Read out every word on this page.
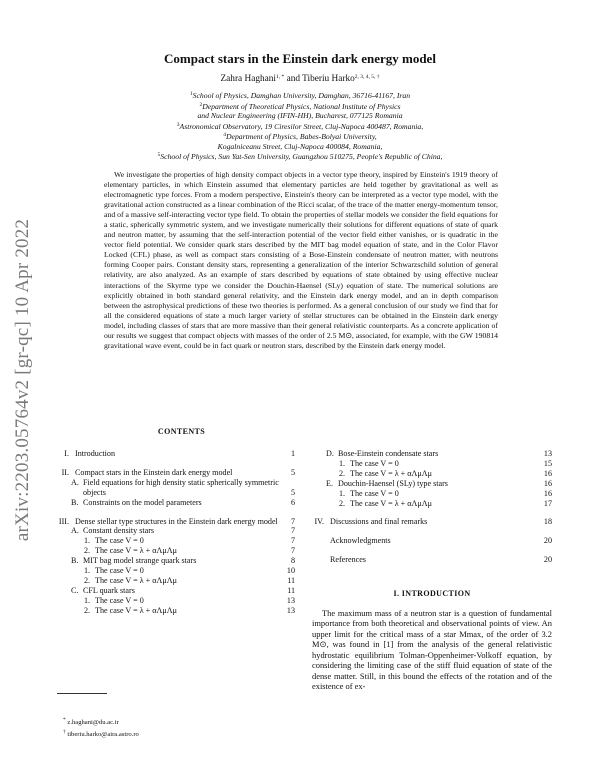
arXiv:2203.05764v2 [gr-qc] 10 Apr 2022
Compact stars in the Einstein dark energy model
Zahra Haghani$^{1, *}$ and Tiberiu Harko$^{2, 3, 4, 5, \dagger}$
$^1$School of Physics, Damghan University, Damghan, 36716-41167, Iran
$^2$Department of Theoretical Physics, National Institute of Physics
and Nuclear Engineering (IFIN-HH), Bucharest, 077125 Romania
$^3$Astronomical Observatory, 19 Ciresilor Street, Cluj-Napoca 400487, Romania,
$^4$Department of Physics, Babes-Bolyai University,
Kogalniceanu Street, Cluj-Napoca 400084, Romania,
$^5$School of Physics, Sun Yat-Sen University, Guangzhou 510275, People's Republic of China,

We investigate the properties of high density compact objects in a vector type theory, inspired by Einstein's 1919 theory of elementary particles, in which Einstein assumed that elementary particles are held together by gravitational as well as electromagnetic type forces. From a modern perspective, Einstein's theory can be interpreted as a vector type model, with the gravitational action constructed as a linear combination of the Ricci scalar, of the trace of the matter energy-momentum tensor, and of a massive self-interacting vector type field. To obtain the properties of stellar models we consider the field equations for a static, spherically symmetric system, and we investigate numerically their solutions for different equations of state of quark and neutron matter, by assuming that the self-interaction potential of the vector field either vanishes, or is quadratic in the vector field potential. We consider quark stars described by the MIT bag model equation of state, and in the Color Flavor Locked (CFL) phase, as well as compact stars consisting of a Bose-Einstein condensate of neutron matter, with neutrons forming Cooper pairs. Constant density stars, representing a generalization of the interior Schwarzschild solution of general relativity, are also analyzed. As an example of stars described by equations of state obtained by using effective nuclear interactions of the Skyrme type we consider the Douchin-Haensel (SLy) equation of state. The numerical solutions are explicitly obtained in both standard general relativity, and the Einstein dark energy model, and an in depth comparison between the astrophysical predictions of these two theories is performed. As a general conclusion of our study we find that for all the considered equations of state a much larger variety of stellar structures can be obtained in the Einstein dark energy model, including classes of stars that are more massive than their general relativistic counterparts. As a concrete application of our results we suggest that compact objects with masses of the order of 2.5 M⊙, associated, for example, with the GW 190814 gravitational wave event, could be in fact quark or neutron stars, described by the Einstein dark energy model.

CONTENTS
I. Introduction	1
II. Compact stars in the Einstein dark energy model	5
A. Field equations for high density static spherically symmetric objects	5
B. Constraints on the model parameters	6
III. Dense stellar type structures in the Einstein dark energy model	7
A. Constant density stars	7
1. The case V = 0	7
2. The case V = λ + αΛμΛμ	7
B. MIT bag model strange quark stars	8
1. The case V = 0	10
2. The case V = λ + αΛμΛμ	11
C. CFL quark stars	11
1. The case V = 0	13
2. The case V = λ + αΛμΛμ	13
D. Bose-Einstein condensate stars	13
1. The case V = 0	15
2. The case V = λ + αΛμΛμ	16
E. Douchin-Haensel (SLy) type stars	16
1. The case V = 0	16
2. The case V = λ + αΛμΛμ	17
IV. Discussions and final remarks	18
Acknowledgments	20
References	20
I. INTRODUCTION

The maximum mass of a neutron star is a question of fundamental importance from both theoretical and observational points of view. An upper limit for the critical mass of a star Mmax, of the order of 3.2 M⊙, was found in [1] from the analysis of the general relativistic hydrostatic equilibrium Tolman-Oppenheimer-Volkoff equation, by considering the limiting case of the stiff fluid equation of state of the dense matter. Still, in this bound the effects of the rotation and of the existence of ex-

* z.haghani@du.ac.ir
† tiberiu.harko@aira.astro.ro
